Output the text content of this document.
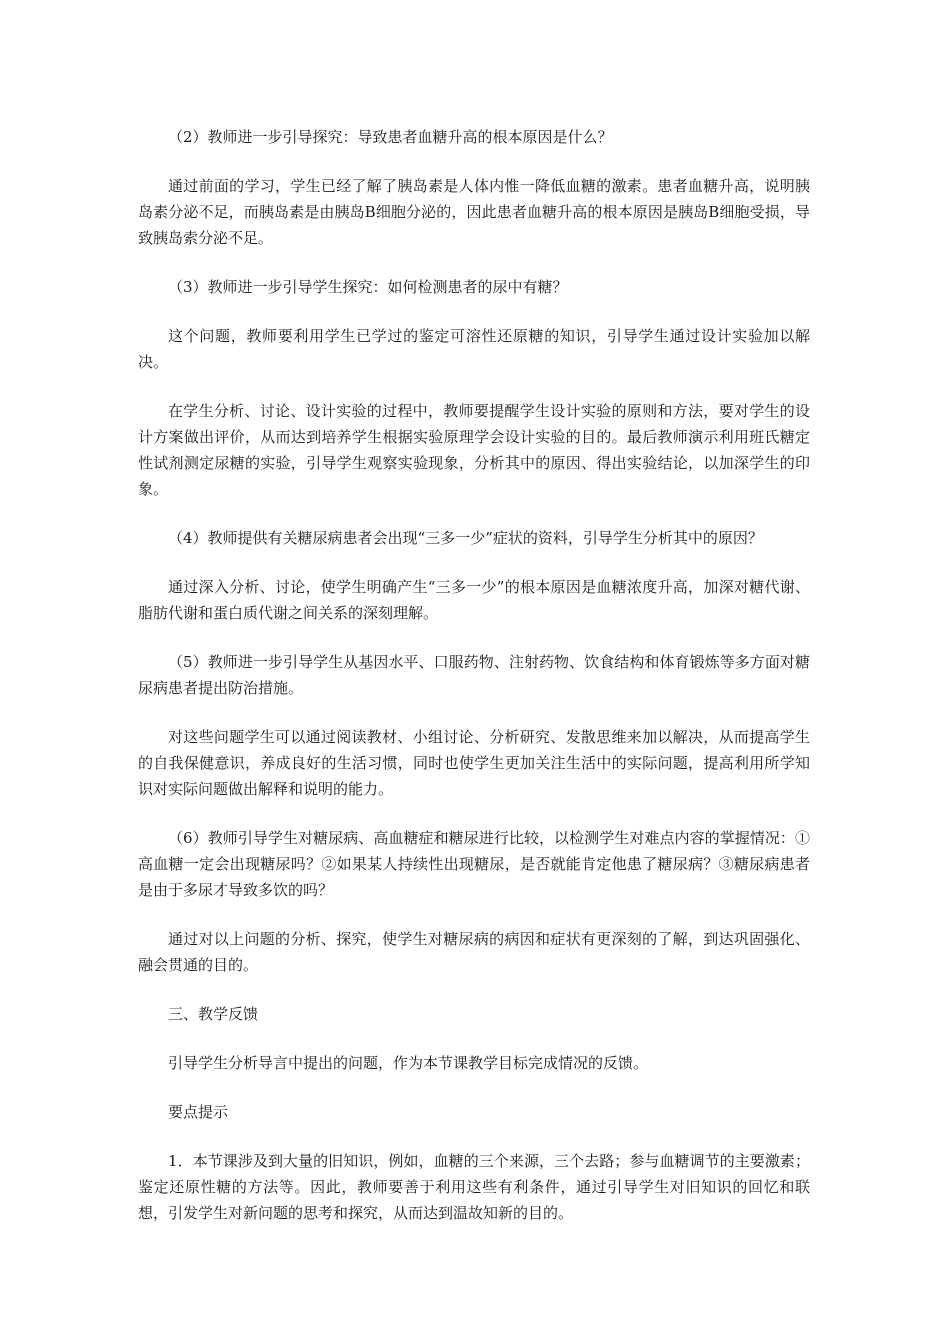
（2）教师进一步引导探究：导致患者血糖升高的根本原因是什么？

通过前面的学习，学生已经了解了胰岛素是人体内惟一降低血糖的激素。患者血糖升高，说明胰岛素分泌不足，而胰岛素是由胰岛B细胞分泌的，因此患者血糖升高的根本原因是胰岛B细胞受损，导致胰岛索分泌不足。

（3）教师进一步引导学生探究：如何检测患者的尿中有糖？

这个问题，教师要利用学生已学过的鉴定可溶性还原糖的知识，引导学生通过设计实验加以解决。

在学生分析、讨论、设计实验的过程中，教师要提醒学生设计实验的原则和方法，要对学生的设计方案做出评价，从而达到培养学生根据实验原理学会设计实验的目的。最后教师演示利用班氏糖定性试剂测定尿糖的实验，引导学生观察实验现象，分析其中的原因、得出实验结论，以加深学生的印象。

（4）教师提供有关糖尿病患者会出现“三多一少”症状的资料，引导学生分析其中的原因？

通过深入分析、讨论，使学生明确产生“三多一少”的根本原因是血糖浓度升高，加深对糖代谢、脂肪代谢和蛋白质代谢之间关系的深刻理解。

（5）教师进一步引导学生从基因水平、口服药物、注射药物、饮食结构和体育锻炼等多方面对糖尿病患者提出防治措施。

对这些问题学生可以通过阅读教材、小组讨论、分析研究、发散思维来加以解决，从而提高学生的自我保健意识，养成良好的生活习惯，同时也使学生更加关注生活中的实际问题，提高利用所学知识对实际问题做出解释和说明的能力。

（6）教师引导学生对糖尿病、高血糖症和糖尿进行比较，以检测学生对难点内容的掌握情况：①高血糖一定会出现糖尿吗？②如果某人持续性出现糖尿，是否就能肯定他患了糖尿病？③糖尿病患者是由于多尿才导致多饮的吗？

通过对以上问题的分析、探究，使学生对糖尿病的病因和症状有更深刻的了解，到达巩固强化、融会贯通的目的。

三、教学反馈

引导学生分析导言中提出的问题，作为本节课教学目标完成情况的反馈。

要点提示

1．本节课涉及到大量的旧知识，例如，血糖的三个来源，三个去路；参与血糖调节的主要激素；鉴定还原性糖的方法等。因此，教师要善于利用这些有利条件，通过引导学生对旧知识的回忆和联想，引发学生对新问题的思考和探究，从而达到温故知新的目的。
